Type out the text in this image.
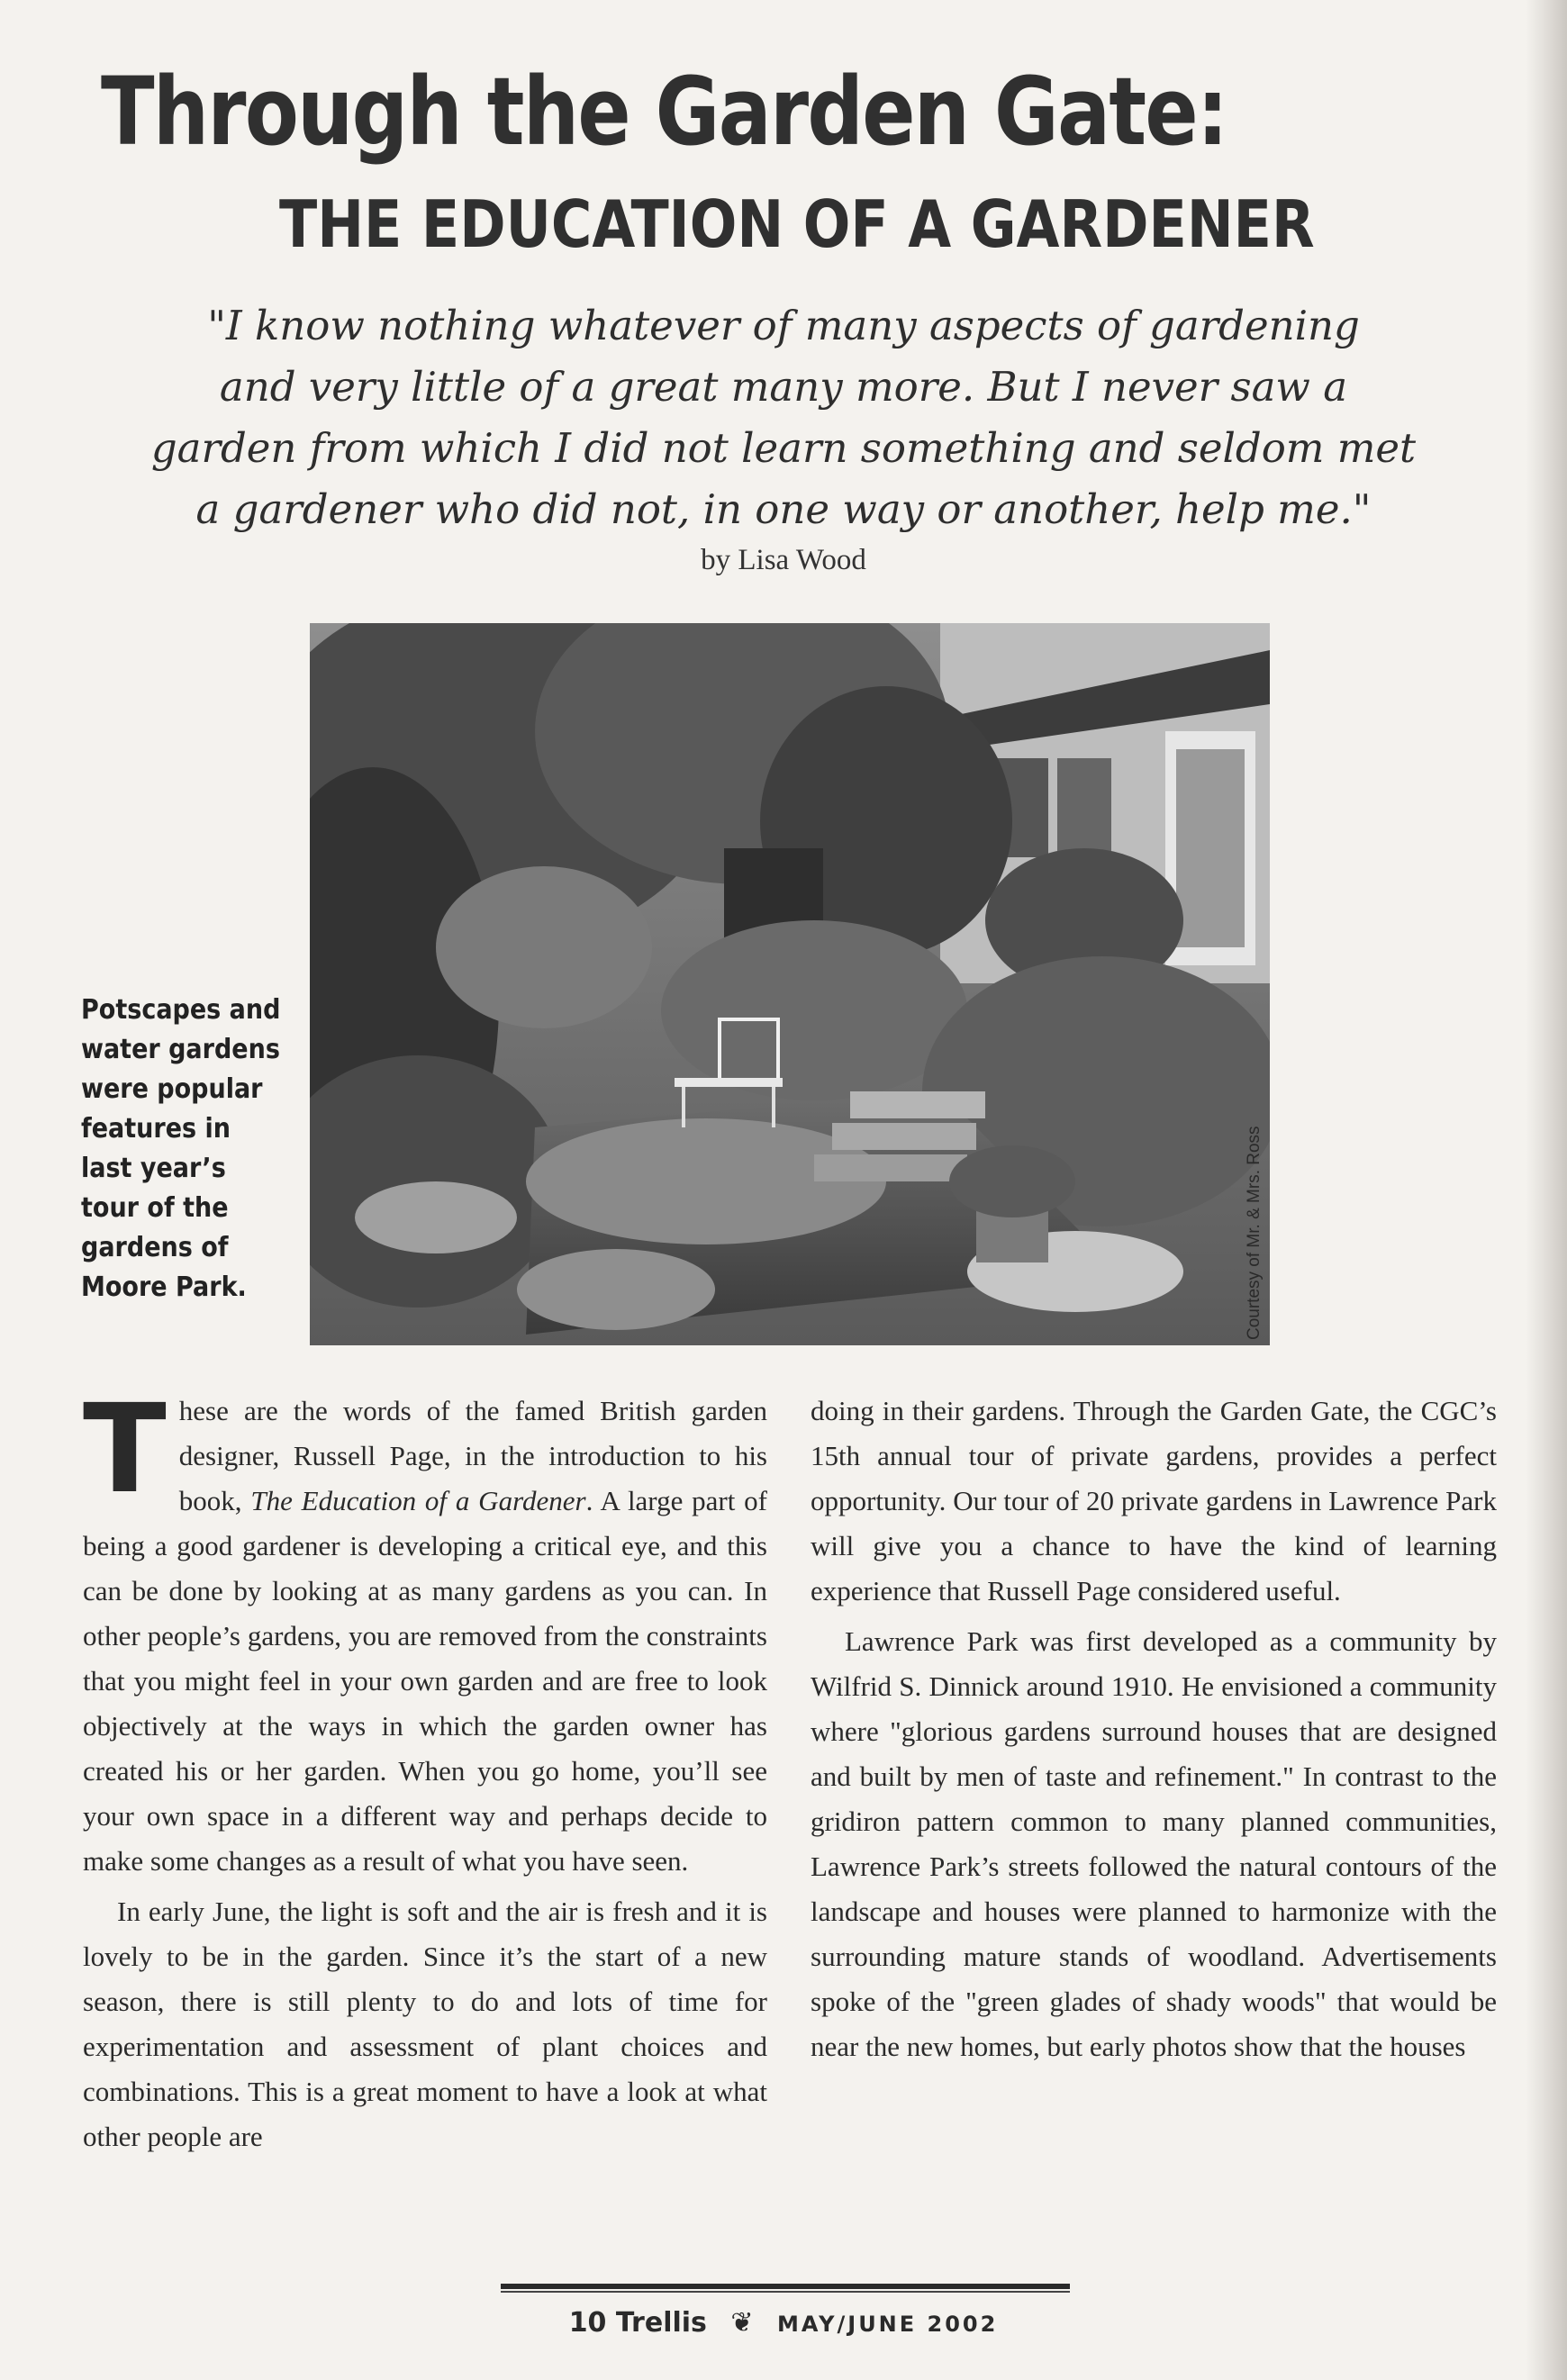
Through the Garden Gate:
THE EDUCATION OF A GARDENER
"I know nothing whatever of many aspects of gardening
and very little of a great many more. But I never saw a
garden from which I did not learn something and seldom met
a gardener who did not, in one way or another, help me."
by Lisa Wood
Courtesy of Mr. & Mrs. Ross
Potscapes and water gardens were popular features in last year’s tour of the gardens of Moore Park.

These are the words of the famed British garden designer, Russell Page, in the introduction to his book, The Education of a Gardener. A large part of being a good gardener is developing a critical eye, and this can be done by looking at as many gardens as you can. In other people’s gardens, you are removed from the constraints that you might feel in your own garden and are free to look objectively at the ways in which the garden owner has created his or her garden. When you go home, you’ll see your own space in a different way and perhaps decide to make some changes as a result of what you have seen.

In early June, the light is soft and the air is fresh and it is lovely to be in the garden. Since it’s the start of a new season, there is still plenty to do and lots of time for experimentation and assessment of plant choices and combinations. This is a great moment to have a look at what other people are

doing in their gardens. Through the Garden Gate, the CGC’s 15th annual tour of private gardens, provides a perfect opportunity. Our tour of 20 private gardens in Lawrence Park will give you a chance to have the kind of learning experience that Russell Page considered useful.

Lawrence Park was first developed as a community by Wilfrid S. Dinnick around 1910. He envisioned a community where "glorious gardens surround houses that are designed and built by men of taste and refinement." In contrast to the gridiron pattern common to many planned communities, Lawrence Park’s streets followed the natural contours of the landscape and houses were planned to harmonize with the surrounding mature stands of woodland. Advertisements spoke of the "green glades of shady woods" that would be near the new homes, but early photos show that the houses

10 Trellis ❦ MAY/JUNE 2002
